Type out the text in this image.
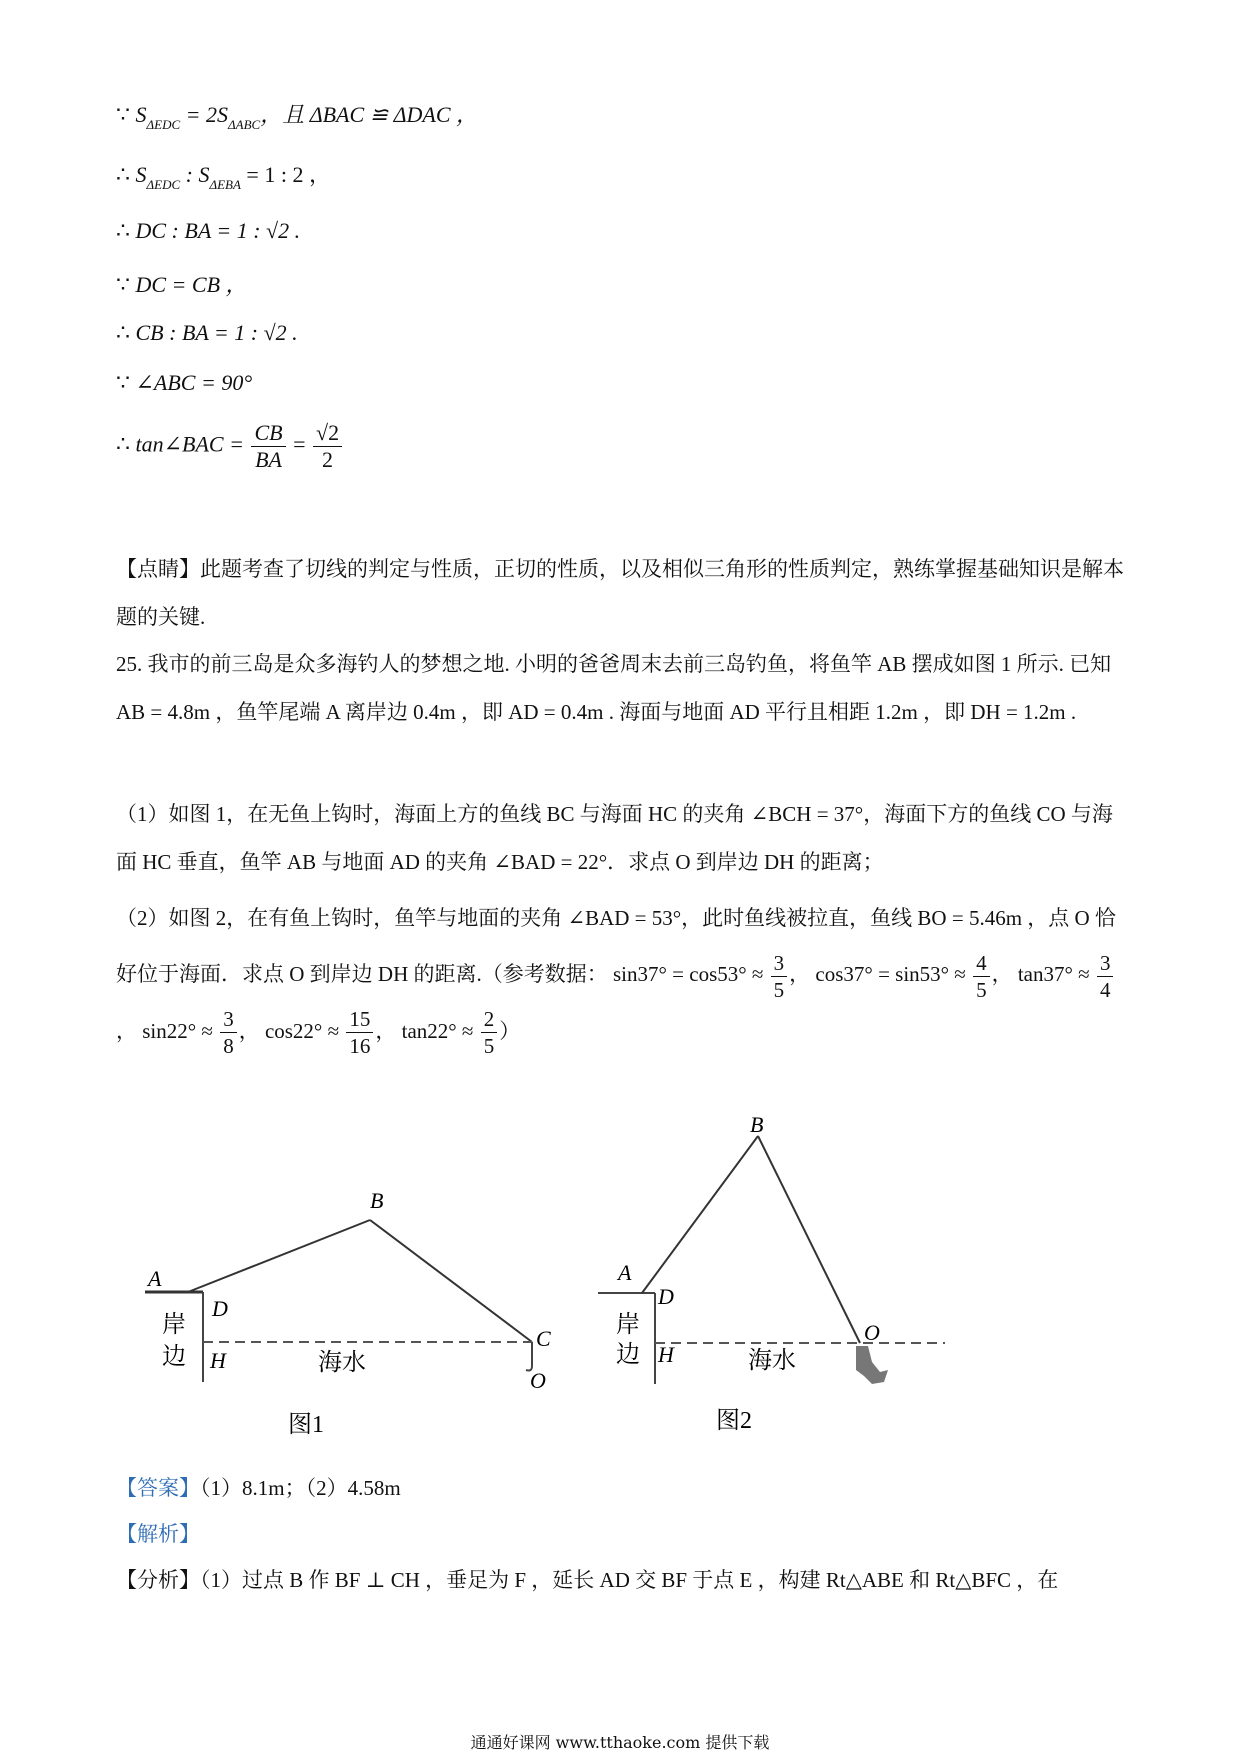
∵ $S_{\Delta EDC} = 2S_{\Delta ABC}$，且 ΔBAC ≌ ΔDAC ，
∴ $S_{\Delta EDC}$ : $S_{\Delta EBA} = 1$ : 2 ，
∴ DC : BA = 1 : √2 .
∵ DC = CB ，
∴ CB : BA = 1 : √2 .
∵ ∠ABC = 90°
∴ tan∠BAC = $\frac{CB}{BA} = \frac{√2}{2}$
【点睛】此题考查了切线的判定与性质，正切的性质，以及相似三角形的性质判定，熟练掌握基础知识是解本题的关键.
25. 我市的前三岛是众多海钓人的梦想之地. 小明的爸爸周末去前三岛钓鱼，将鱼竿 AB 摆成如图 1 所示. 已知 AB = 4.8m ，鱼竿尾端 A 离岸边 0.4m ，即 AD = 0.4m . 海面与地面 AD 平行且相距 1.2m ，即 DH = 1.2m .
（1）如图 1，在无鱼上钩时，海面上方的鱼线 BC 与海面 HC 的夹角 ∠BCH = 37°，海面下方的鱼线 CO 与海面 HC 垂直，鱼竿 AB 与地面 AD 的夹角 ∠BAD = 22°．求点 O 到岸边 DH 的距离；
（2）如图 2，在有鱼上钩时，鱼竿与地面的夹角 ∠BAD = 53°，此时鱼线被拉直，鱼线 BO = 5.46m ，点 O 恰好位于海面．求点 O 到岸边 DH 的距离.（参考数据： $\sin 37^\circ = \cos 53^\circ \approx \frac{3}{5}$ ， $\cos 37^\circ = \sin 53^\circ \approx \frac{4}{5}$ ， $\tan 37^\circ \approx \frac{3}{4}$
， $\sin 22^\circ \approx \frac{3}{8}$ ， $\cos 22^\circ \approx \frac{15}{16}$ ， $\tan 22^\circ \approx \frac{2}{5}$ ）
A
B
C
D
H
O
岸
边	海水
图1
A
B
D
H
O
岸
边	海水
图2
【答案】（1）8.1m；（2）4.58m
【解析】
【分析】（1）过点 B 作 BF ⊥ CH ，垂足为 F ，延长 AD 交 BF 于点 E ，构建 Rt△ABE 和 Rt△BFC ，在
通通好课网 www.tthaoke.com 提供下载
